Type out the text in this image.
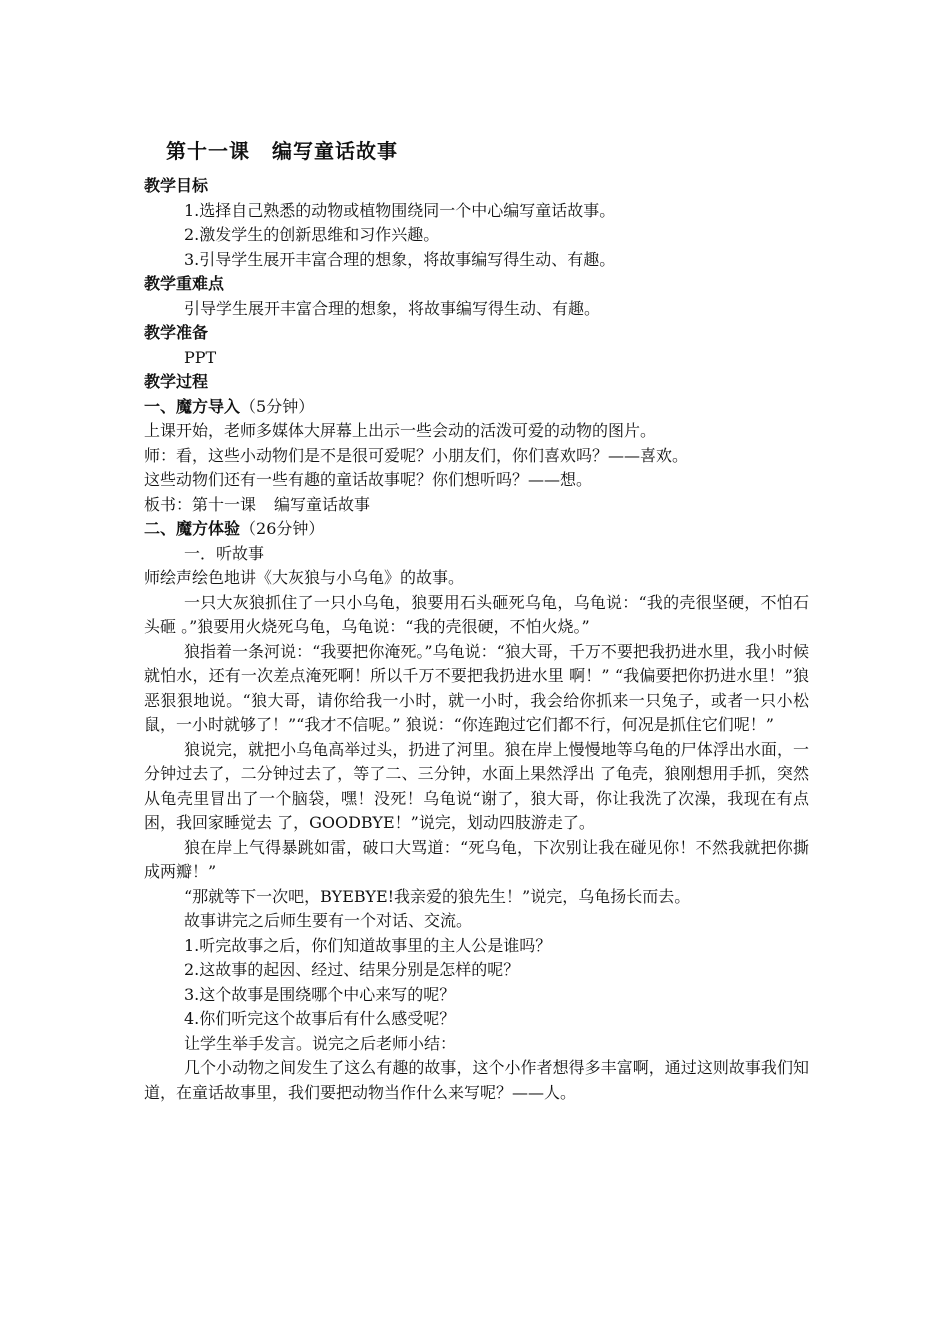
第十一课 编写童话故事

教学目标

1.选择自己熟悉的动物或植物围绕同一个中心编写童话故事。

2.激发学生的创新思维和习作兴趣。

3.引导学生展开丰富合理的想象，将故事编写得生动、有趣。

教学重难点

引导学生展开丰富合理的想象，将故事编写得生动、有趣。

教学准备

PPT

教学过程

一、魔方导入（5分钟）

上课开始，老师多媒体大屏幕上出示一些会动的活泼可爱的动物的图片。

师：看，这些小动物们是不是很可爱呢？小朋友们，你们喜欢吗？——喜欢。

这些动物们还有一些有趣的童话故事呢？你们想听吗？——想。

板书：第十一课 编写童话故事

二、魔方体验（26分钟）

一．听故事

师绘声绘色地讲《大灰狼与小乌龟》的故事。

一只大灰狼抓住了一只小乌龟，狼要用石头砸死乌龟，乌龟说：“我的壳很坚硬，不怕石头砸 。”狼要用火烧死乌龟，乌龟说：“我的壳很硬，不怕火烧。”

狼指着一条河说：“我要把你淹死。”乌龟说：“狼大哥，千万不要把我扔进水里，我小时候就怕水，还有一次差点淹死啊！所以千万不要把我扔进水里 啊！” “我偏要把你扔进水里！”狼恶狠狠地说。“狼大哥，请你给我一小时，就一小时，我会给你抓来一只兔子，或者一只小松鼠，一小时就够了！”“我才不信呢。” 狼说：“你连跑过它们都不行，何况是抓住它们呢！”

狼说完，就把小乌龟高举过头，扔进了河里。狼在岸上慢慢地等乌龟的尸体浮出水面，一分钟过去了，二分钟过去了，等了二、三分钟，水面上果然浮出 了龟壳，狼刚想用手抓，突然从龟壳里冒出了一个脑袋，嘿！没死！乌龟说“谢了，狼大哥，你让我洗了次澡，我现在有点困，我回家睡觉去 了，GOODBYE！”说完，划动四肢游走了。

狼在岸上气得暴跳如雷，破口大骂道：“死乌龟，下次别让我在碰见你！不然我就把你撕成两瓣！”

“那就等下一次吧，BYEBYE!我亲爱的狼先生！”说完，乌龟扬长而去。

故事讲完之后师生要有一个对话、交流。

1.听完故事之后，你们知道故事里的主人公是谁吗？

2.这故事的起因、经过、结果分别是怎样的呢？

3.这个故事是围绕哪个中心来写的呢？

4.你们听完这个故事后有什么感受呢？

让学生举手发言。说完之后老师小结：

几个小动物之间发生了这么有趣的故事，这个小作者想得多丰富啊，通过这则故事我们知道，在童话故事里，我们要把动物当作什么来写呢？——人。
